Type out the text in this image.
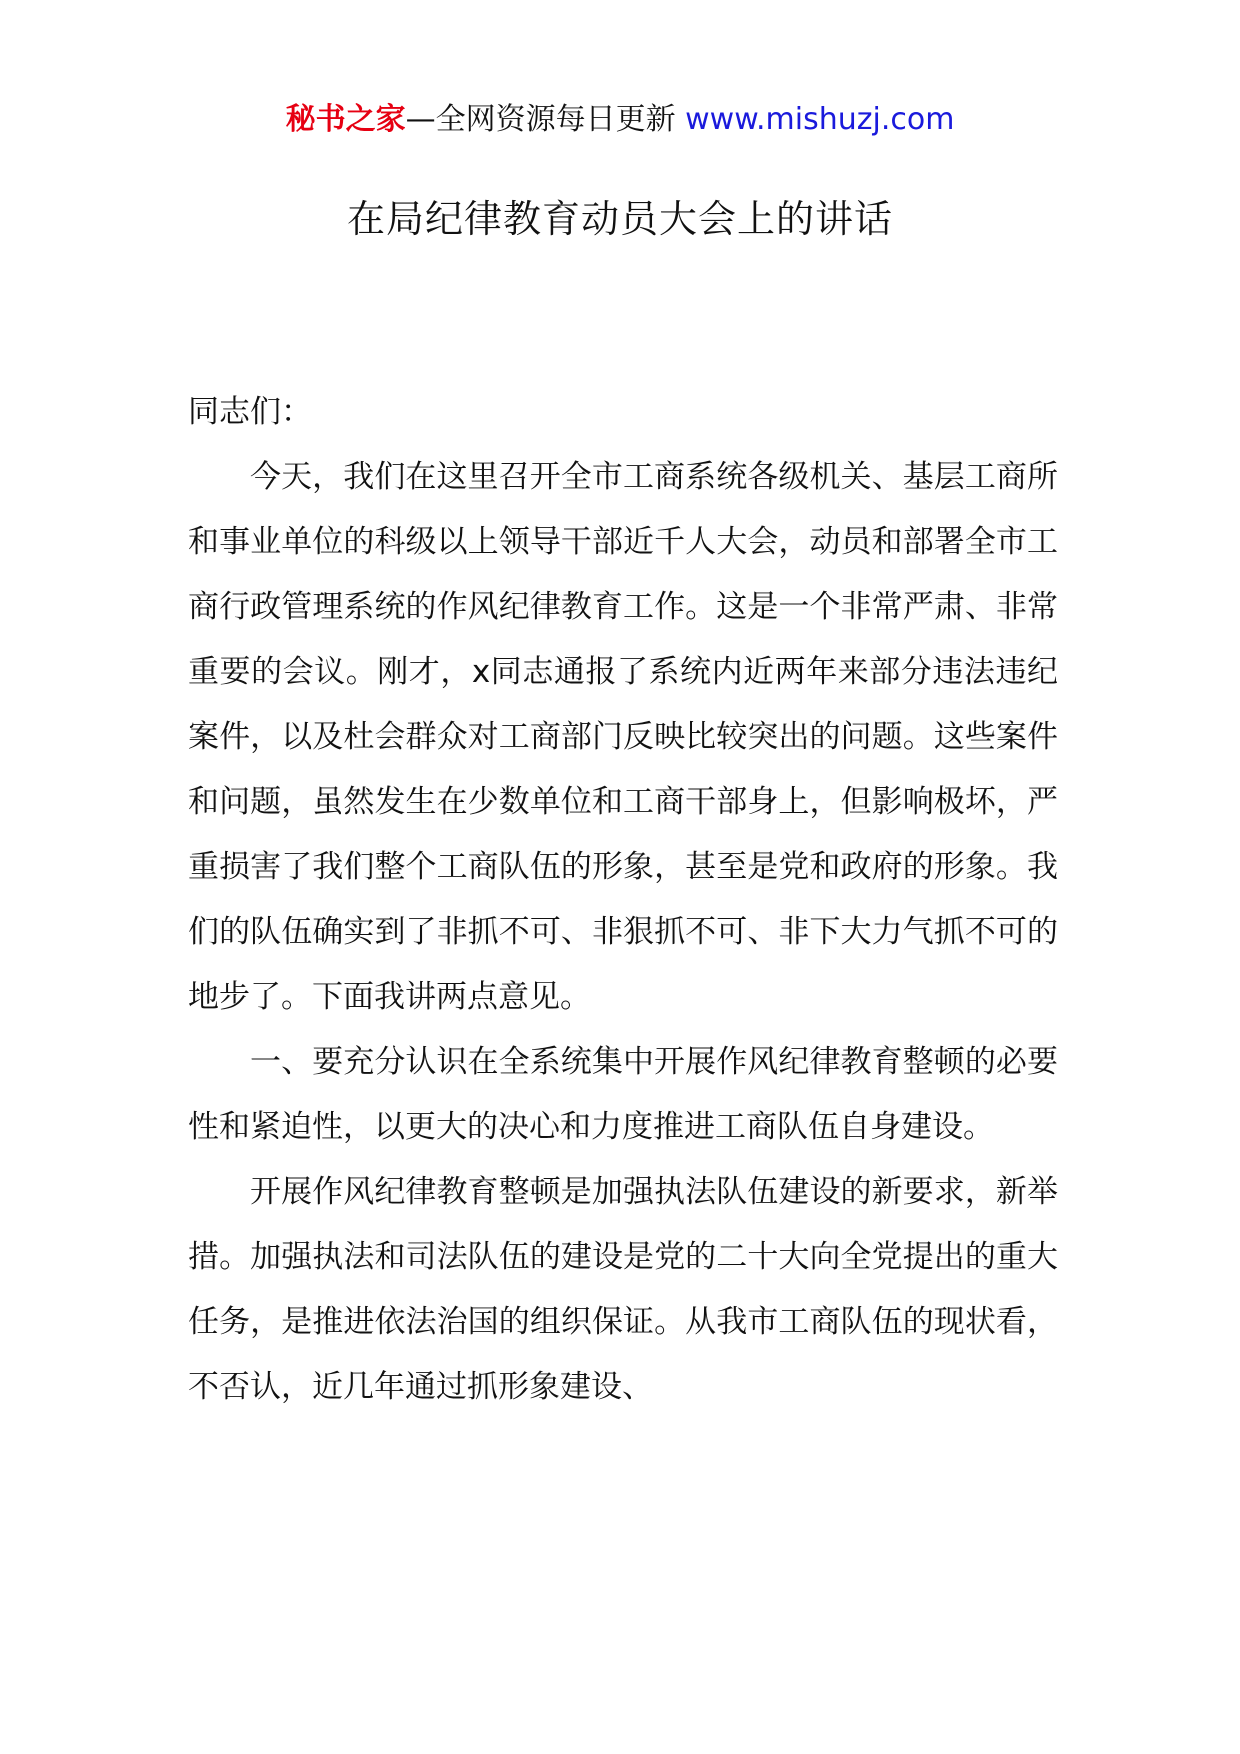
秘书之家—全网资源每日更新 www.mishuzj.com
在局纪律教育动员大会上的讲话

同志们：

今天，我们在这里召开全市工商系统各级机关、基层工商所和事业单位的科级以上领导干部近千人大会，动员和部署全市工商行政管理系统的作风纪律教育工作。这是一个非常严肃、非常重要的会议。刚才，x同志通报了系统内近两年来部分违法违纪案件，以及杜会群众对工商部门反映比较突出的问题。这些案件和问题，虽然发生在少数单位和工商干部身上，但影响极坏，严重损害了我们整个工商队伍的形象，甚至是党和政府的形象。我们的队伍确实到了非抓不可、非狠抓不可、非下大力气抓不可的地步了。下面我讲两点意见。

一、要充分认识在全系统集中开展作风纪律教育整顿的必要性和紧迫性，以更大的决心和力度推进工商队伍自身建设。

开展作风纪律教育整顿是加强执法队伍建设的新要求，新举措。加强执法和司法队伍的建设是党的二十大向全党提出的重大任务，是推进依法治国的组织保证。从我市工商队伍的现状看，不否认，近几年通过抓形象建设、
